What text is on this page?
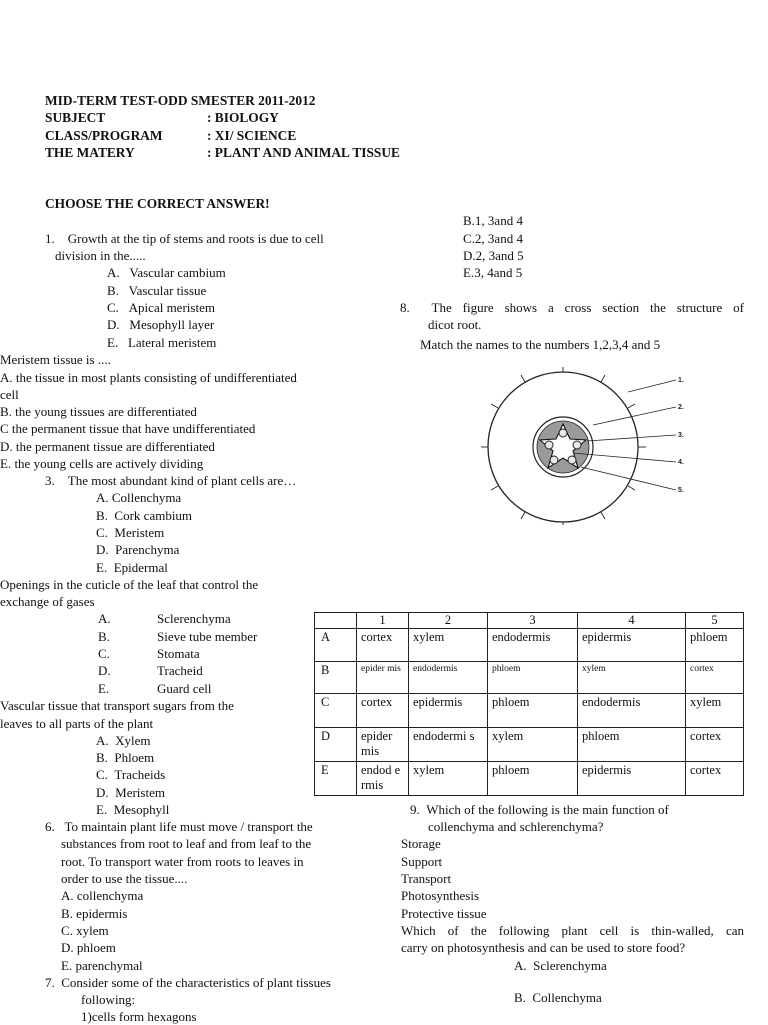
MID-TERM TEST-ODD SMESTER 2011-2012
SUBJECT	: BIOLOGY
CLASS/PROGRAM	: XI/ SCIENCE
THE MATERY	: PLANT AND ANIMAL TISSUE
CHOOSE THE CORRECT ANSWER!
1.    Growth at the tip of stems and roots is due to cell
division in the.....
A.   Vascular cambium
B.   Vascular tissue
C.   Apical meristem
D.   Mesophyll layer
E.   Lateral meristem
Meristem tissue is ....
A. the tissue in most plants consisting of undifferentiated
cell
B. the young tissues are differentiated
C the permanent tissue that have undifferentiated
D. the permanent tissue are differentiated
E. the young cells are actively dividing
3.    The most abundant kind of plant cells are…
A. Collenchyma
B.  Cork cambium
C.  Meristem
D.  Parenchyma
E.  Epidermal
Openings in the cuticle of the leaf that control the
exchange of gases
A.	Sclerenchyma
B.	Sieve tube member
C.	Stomata
D.	Tracheid
E.	Guard cell
Vascular tissue that transport sugars from the
leaves to all parts of the plant
A.  Xylem
B.  Phloem
C.  Tracheids
D.  Meristem
E.  Mesophyll
6.   To maintain plant life must move / transport the
substances from root to leaf and from leaf to the
root. To transport water from roots to leaves in
order to use the tissue....
A. collenchyma
B. epidermis
C. xylem
D. phloem
E. parenchymal
7.  Consider some of the characteristics of plant tissues
following:
1)cells form hexagons
B.1, 3and 4
C.2, 3and 4
D.2, 3and 5
E.3, 4and 5
8.  The figure shows a cross section the structure of
dicot root.
Match the names to the numbers 1,2,3,4 and 5
1.
2.
3.
4.
5.
	1	2	3	4	5
A	cortex	xylem	endodermis	epidermis	phloem
B	epider mis	endodermis	phloem	xylem	cortex
C	cortex	epidermis	phloem	endodermis	xylem
D	epider mis	endodermi s	xylem	phloem	cortex
E	endod ermis	xylem	phloem	epidermis	cortex
9.  Which of the following is the main function of
collenchyma and schlerenchyma?
Storage
Support
Transport
Photosynthesis
Protective tissue
Which of the following plant cell is thin-walled, can
carry on photosynthesis and can be used to store food?
A.  Sclerenchyma
B.  Collenchyma
